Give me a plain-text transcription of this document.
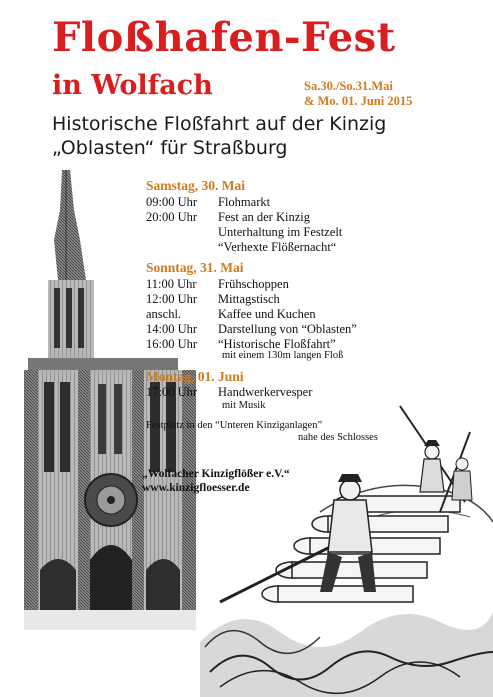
Floßhafen-Fest
in Wolfach	Sa.30./So.31.Mai
& Mo. 01. Juni 2015
Historische Floßfahrt auf der Kinzig
„Oblasten“ für Straßburg
Samstag, 30. Mai
09:00 Uhr Flohmarkt
20:00 Uhr Fest an der Kinzig
Unterhaltung im Festzelt
“Verhexte Flößernacht“
Sonntag, 31. Mai
11:00 Uhr Frühschoppen
12:00 Uhr Mittagstisch
anschl.	Kaffee und Kuchen
14:00 Uhr Darstellung von “Oblasten”
16:00 Uhr “Historische Floßfahrt”
mit einem 130m langen Floß
Montag, 01. Juni
17:00 Uhr Handwerkervesper
mit Musik
Festplatz in den “Unteren Kinziganlagen”
nahe des Schlosses
„Wolfacher Kinzigflößer e.V.“
www.kinzigfloesser.de
